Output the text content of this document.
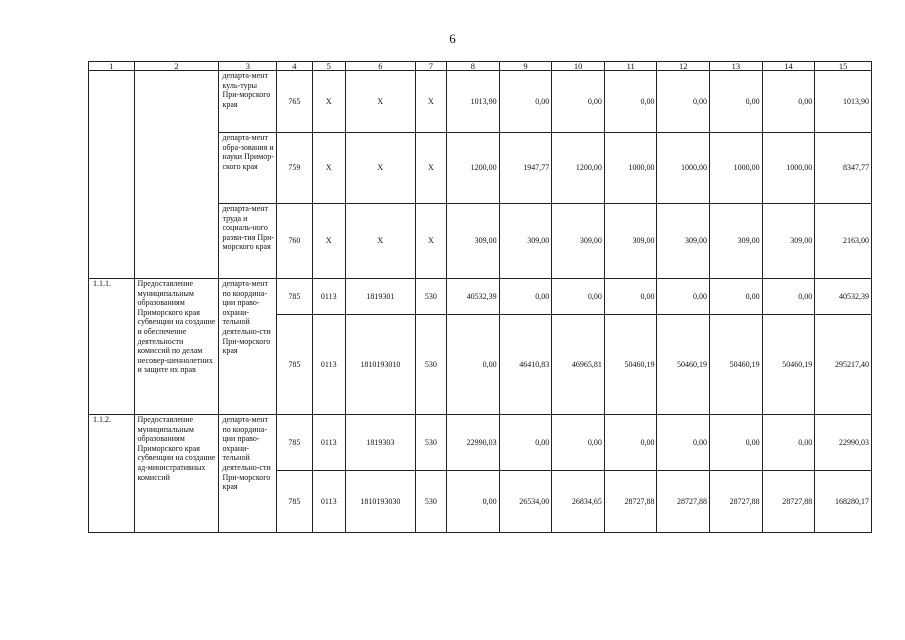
6
1	2	3	4	5	6	7	8	9	10	11	12	13	14	15
		департа-мент куль-туры При-морского края	765	X	X	X	1013,90	0,00	0,00	0,00	0,00	0,00	0,00	1013,90
		департа-мент обра-зования и науки Примор-ского края	759	X	X	X	1200,00	1947,77	1200,00	1000,00	1000,00	1000,00	1000,00	8347,77
		департа-мент труда и социаль-ного разви-тия При-морского края	760	X	X	X	309,00	309,00	309,00	309,00	309,00	309,00	309,00	2163,00
1.1.1.	Предоставление муниципальным образованиям Приморского края субвенции на создание и обеспечение деятельности комиссий по делам несовер-шеннолетних и защите их прав	департа-мент по координа-ции право-охрани-тельной деятельно-сти При-морского края	785	0113	1819301	530	40532,39	0,00	0,00	0,00	0,00	0,00	0,00	40532,39
			785	0113	1810193010	530	0,00	46410,83	46965,81	50460,19	50460,19	50460,19	50460,19	295217,40
1.1.2.	Предоставление муниципальным образованиям Приморского края субвенции на создание ад-министративных комиссий	департа-мент по координа-ции право-охрани-тельной деятельно-сти При-морского края	785	0113	1819303	530	22990,03	0,00	0,00	0,00	0,00	0,00	0,00	22990,03
			785	0113	1810193030	530	0,00	26534,00	26834,65	28727,88	28727,88	28727,88	28727,88	168280,17
